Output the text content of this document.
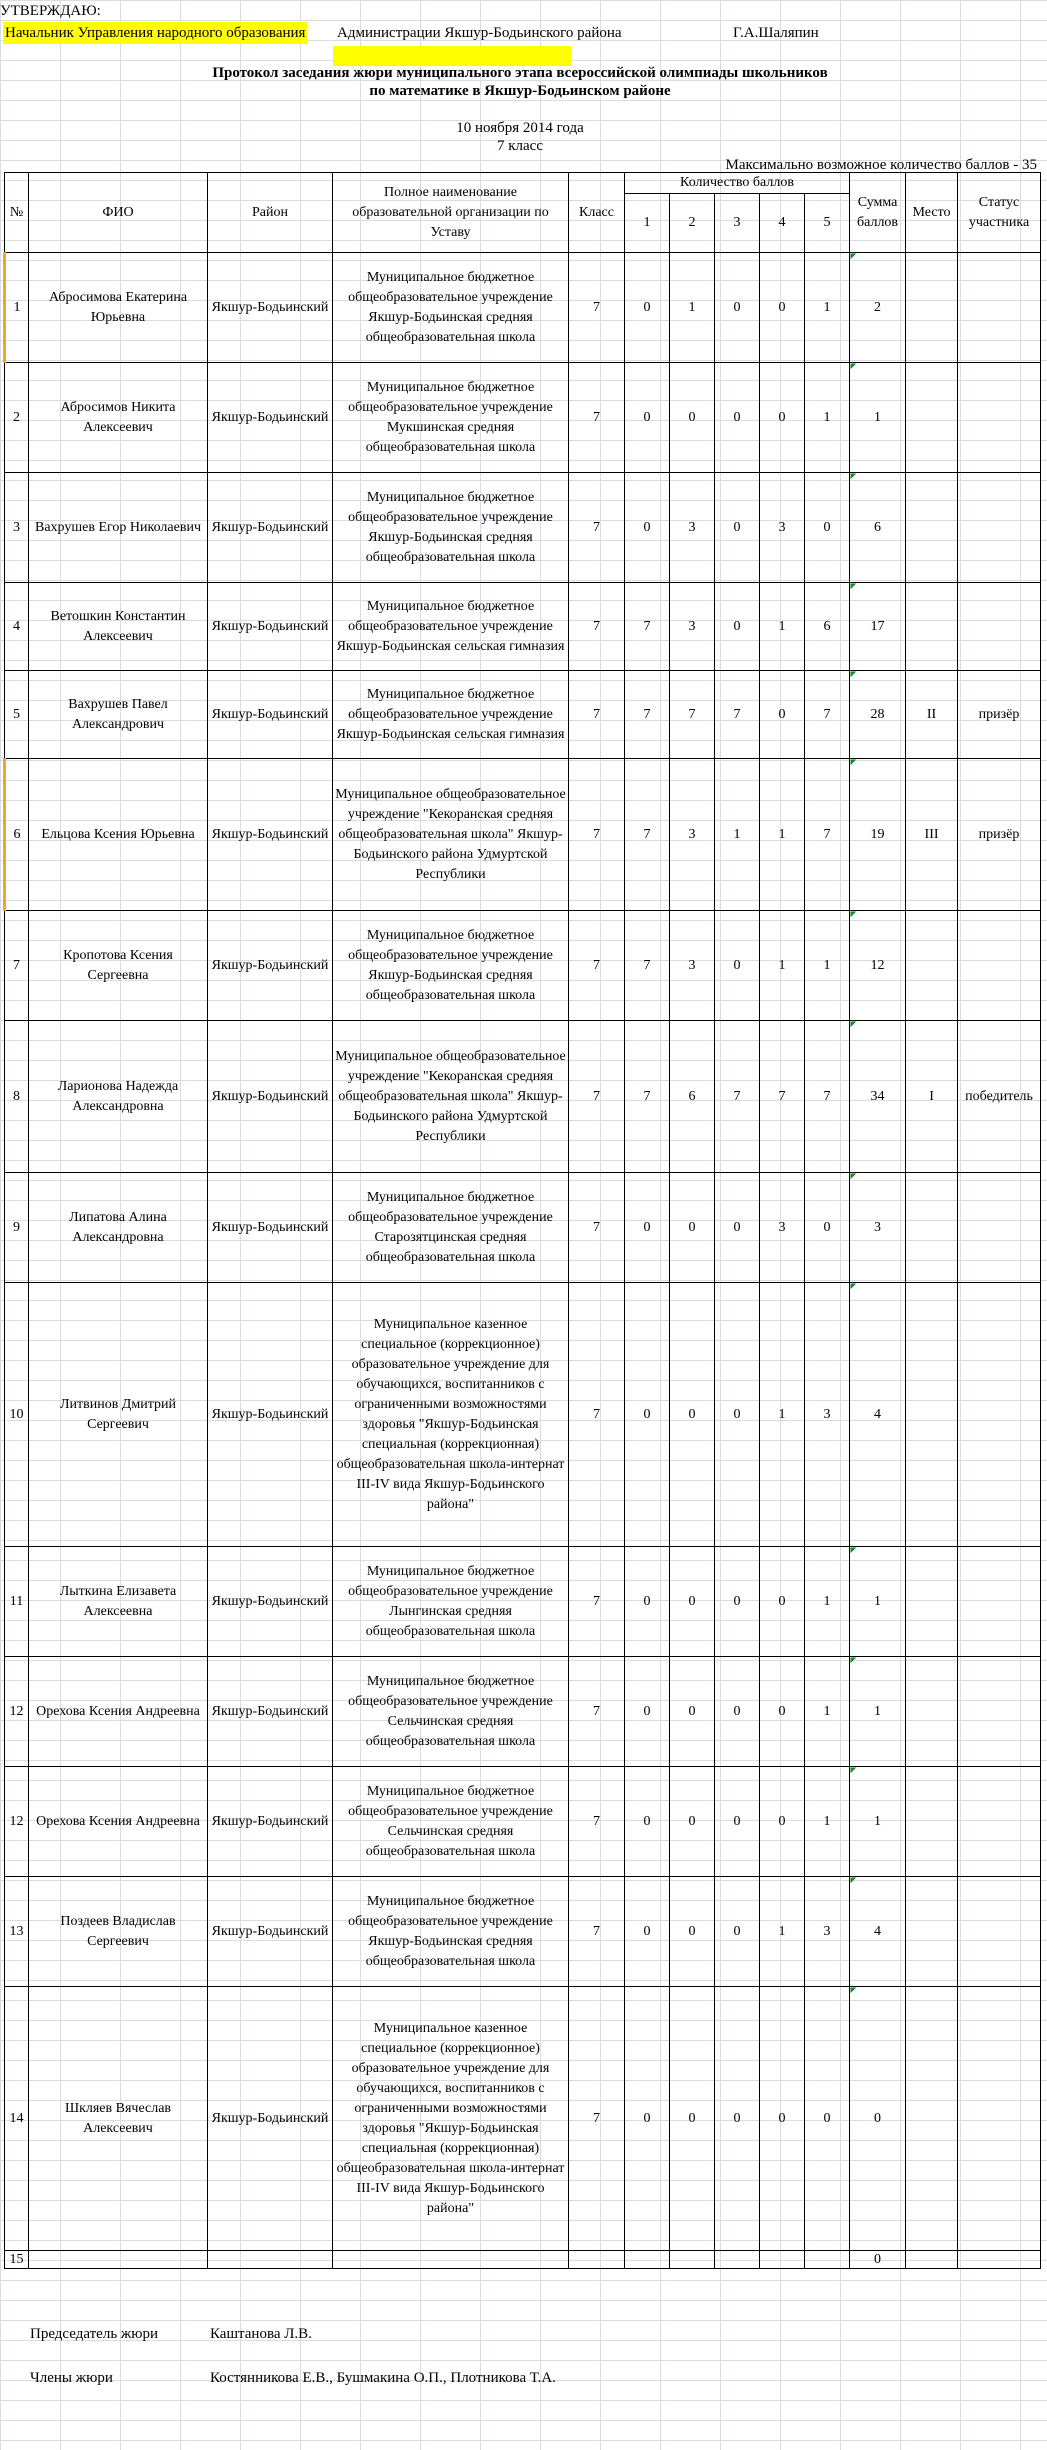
УТВЕРЖДАЮ:
Начальник Управления народного образования Администрации Якшур-Бодьинского района	Г.А.Шаляпин
Протокол заседания жюри муниципального этапа всероссийской олимпиады школьников
по математике в Якшур-Бодьинском районе
10 ноября 2014 года
7 класс
Максимально возможное количество баллов - 35
№	ФИО	Район	Полное наименование образовательной организации по Уставу	Класс	Количество баллов					Сумма баллов	Место	Статус участника
					1	2	3	4	5			
1	Абросимова Екатерина Юрьевна	Якшур-Бодьинский	Муниципальное бюджетное общеобразовательное учреждение Якшур-Бодьинская средняя общеобразовательная школа	7	0	1	0	0	1	2		
2	Абросимов Никита Алексеевич	Якшур-Бодьинский	Муниципальное бюджетное общеобразовательное учреждение Мукшинская средняя общеобразовательная школа	7	0	0	0	0	1	1		
3	Вахрушев Егор Николаевич	Якшур-Бодьинский	Муниципальное бюджетное общеобразовательное учреждение Якшур-Бодьинская средняя общеобразовательная школа	7	0	3	0	3	0	6		
4	Ветошкин Константин Алексеевич	Якшур-Бодьинский	Муниципальное бюджетное общеобразовательное учреждение Якшур-Бодьинская сельская гимназия	7	7	3	0	1	6	17		
5	Вахрушев Павел Александрович	Якшур-Бодьинский	Муниципальное бюджетное общеобразовательное учреждение Якшур-Бодьинская сельская гимназия	7	7	7	7	0	7	28	II	призёр
6	Ельцова Ксения Юрьевна	Якшур-Бодьинский	Муниципальное общеобразовательное учреждение "Кекоранская средняя общеобразовательная школа" Якшур-Бодьинского района Удмуртской Республики	7	7	3	1	1	7	19	III	призёр
7	Кропотова Ксения Сергеевна	Якшур-Бодьинский	Муниципальное бюджетное общеобразовательное учреждение Якшур-Бодьинская средняя общеобразовательная школа	7	7	3	0	1	1	12		
8	Ларионова Надежда Александровна	Якшур-Бодьинский	Муниципальное общеобразовательное учреждение "Кекоранская средняя общеобразовательная школа" Якшур-Бодьинского района Удмуртской Республики	7	7	6	7	7	7	34	I	победитель
9	Липатова Алина Александровна	Якшур-Бодьинский	Муниципальное бюджетное общеобразовательное учреждение Старозятцинская средняя общеобразовательная школа	7	0	0	0	3	0	3		
10	Литвинов Дмитрий Сергеевич	Якшур-Бодьинский	Муниципальное казенное специальное (коррекционное) образовательное учреждение для обучающихся, воспитанников с ограниченными возможностями здоровья "Якшур-Бодьинская специальная (коррекционная) общеобразовательная школа-интернат III-IV вида Якшур-Бодьинского района"	7	0	0	0	1	3	4		
11	Лыткина Елизавета Алексеевна	Якшур-Бодьинский	Муниципальное бюджетное общеобразовательное учреждение Лынгинская средняя общеобразовательная школа	7	0	0	0	0	1	1		
12	Орехова Ксения Андреевна	Якшур-Бодьинский	Муниципальное бюджетное общеобразовательное учреждение Сельчинская средняя общеобразовательная школа	7	0	0	0	0	1	1		
12	Орехова Ксения Андреевна	Якшур-Бодьинский	Муниципальное бюджетное общеобразовательное учреждение Сельчинская средняя общеобразовательная школа	7	0	0	0	0	1	1		
13	Поздеев Владислав Сергеевич	Якшур-Бодьинский	Муниципальное бюджетное общеобразовательное учреждение Якшур-Бодьинская средняя общеобразовательная школа	7	0	0	0	1	3	4		
14	Шкляев Вячеслав Алексеевич	Якшур-Бодьинский	Муниципальное казенное специальное (коррекционное) образовательное учреждение для обучающихся, воспитанников с ограниченными возможностями здоровья "Якшур-Бодьинская специальная (коррекционная) общеобразовательная школа-интернат III-IV вида Якшур-Бодьинского района"	7	0	0	0	0	0	0		
15										0		
Председатель жюри	Каштанова Л.В.
Члены жюри	Костянникова Е.В., Бушмакина О.П., Плотникова Т.А.
